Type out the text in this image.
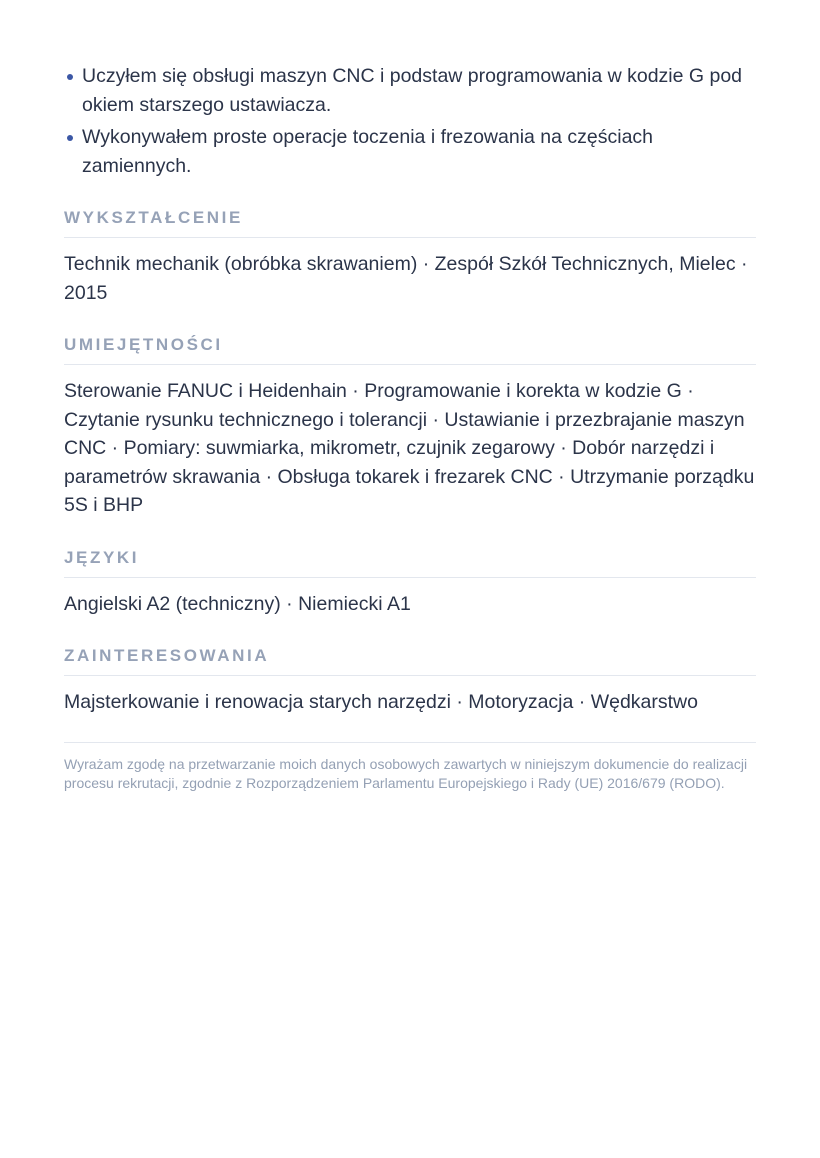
Uczyłem się obsługi maszyn CNC i podstaw programowania w kodzie G pod okiem starszego ustawiacza.
Wykonywałem proste operacje toczenia i frezowania na częściach zamiennych.
WYKSZTAŁCENIE

Technik mechanik (obróbka skrawaniem) · Zespół Szkół Technicznych, Mielec · 2015

UMIEJĘTNOŚCI

Sterowanie FANUC i Heidenhain · Programowanie i korekta w kodzie G · Czytanie rysunku technicznego i tolerancji · Ustawianie i przezbrajanie maszyn CNC · Pomiary: suwmiarka, mikrometr, czujnik zegarowy · Dobór narzędzi i parametrów skrawania · Obsługa tokarek i frezarek CNC · Utrzymanie porządku 5S i BHP

JĘZYKI

Angielski A2 (techniczny) · Niemiecki A1

ZAINTERESOWANIA

Majsterkowanie i renowacja starych narzędzi · Motoryzacja · Wędkarstwo

Wyrażam zgodę na przetwarzanie moich danych osobowych zawartych w niniejszym dokumencie do realizacji procesu rekrutacji, zgodnie z Rozporządzeniem Parlamentu Europejskiego i Rady (UE) 2016/679 (RODO).
